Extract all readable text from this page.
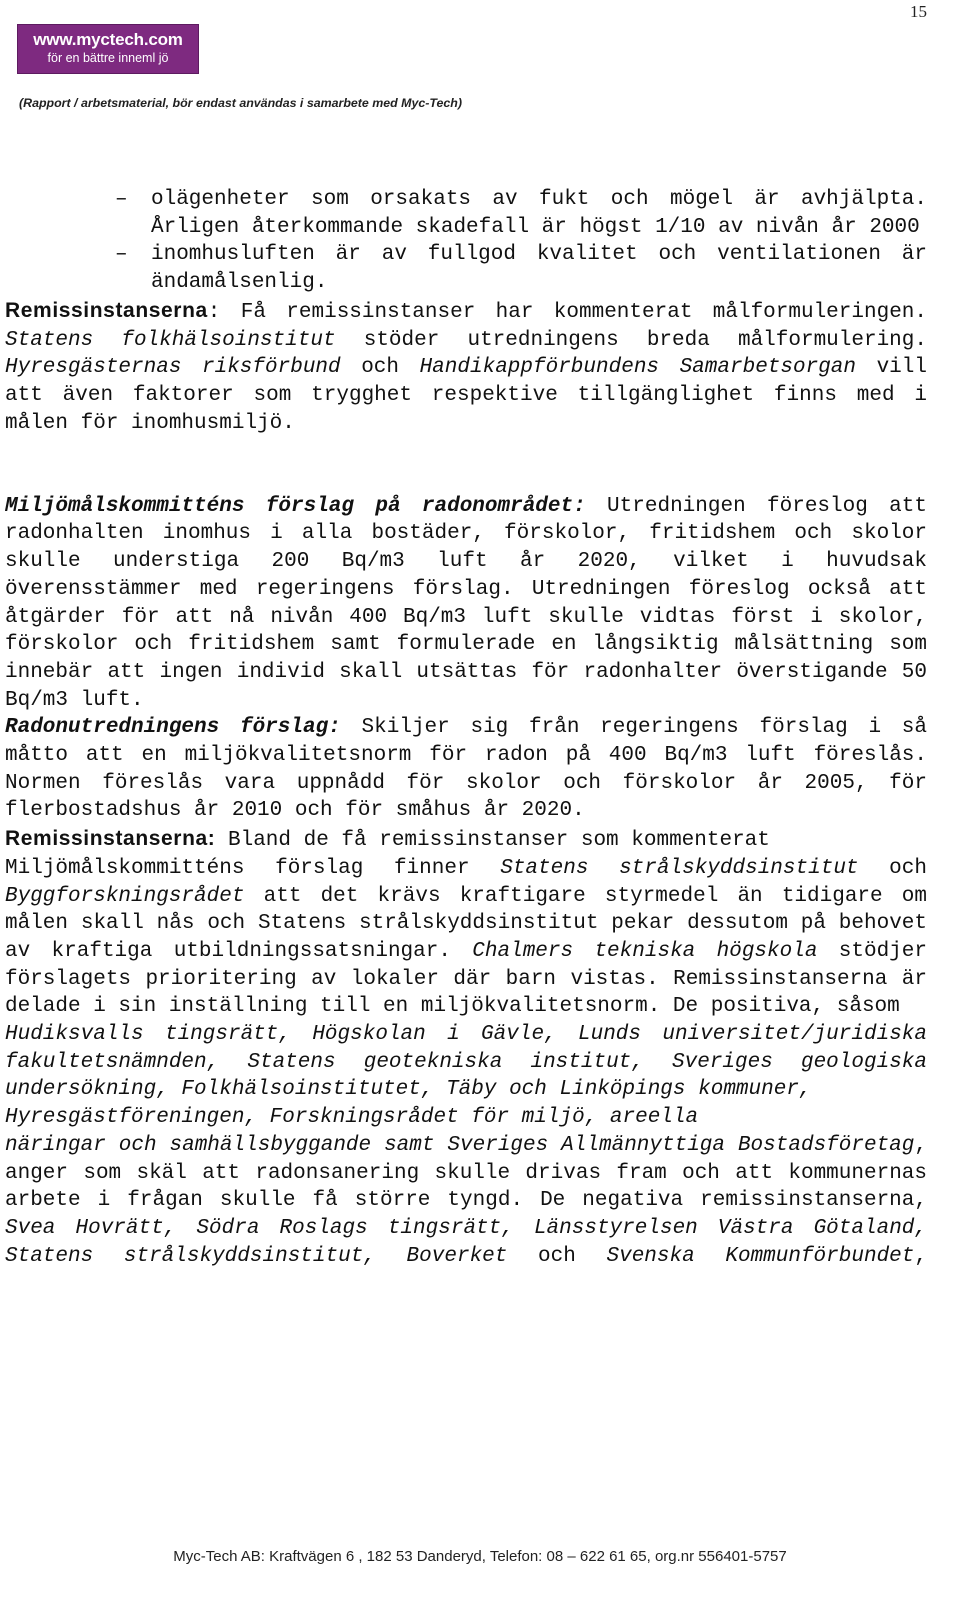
15
www.myctech.com
för en bättre inneml jö
(Rapport / arbetsmaterial, bör endast användas i samarbete med Myc-Tech)
– olägenheter som orsakats av fukt och mögel är avhjälpta. Årligen återkommande skadefall är högst 1/10 av nivån år 2000
– inomhusluften är av fullgod kvalitet och ventilationen är ändamålsenlig.

Remissinstanserna: Få remissinstanser har kommenterat målformuleringen. Statens folkhälsoinstitut stöder utredningens breda målformulering. Hyresgästernas riksförbund och Handikappförbundens Samarbetsorgan vill att även faktorer som trygghet respektive tillgänglighet finns med i målen för inomhusmiljö.

Miljömålskommitténs förslag på radonområdet: Utredningen föreslog att radonhalten inomhus i alla bostäder, förskolor, fritidshem och skolor skulle understiga 200 Bq/m3 luft år 2020, vilket i huvudsak överensstämmer med regeringens förslag. Utredningen föreslog också att åtgärder för att nå nivån 400 Bq/m3 luft skulle vidtas först i skolor, förskolor och fritidshem samt formulerade en långsiktig målsättning som innebär att ingen individ skall utsättas för radonhalter överstigande 50 Bq/m3 luft.

Radonutredningens förslag: Skiljer sig från regeringens förslag i så måtto att en miljökvalitetsnorm för radon på 400 Bq/m3 luft föreslås. Normen föreslås vara uppnådd för skolor och förskolor år 2005, för flerbostadshus år 2010 och för småhus år 2020.

Remissinstanserna: Bland de få remissinstanser som kommenterat

Miljömålskommitténs förslag finner Statens strålskyddsinstitut och Byggforskningsrådet att det krävs kraftigare styrmedel än tidigare om målen skall nås och Statens strålskyddsinstitut pekar dessutom på behovet av kraftiga utbildningssatsningar. Chalmers tekniska högskola stödjer förslagets prioritering av lokaler där barn vistas. Remissinstanserna är delade i sin inställning till en miljökvalitetsnorm. De positiva, såsom

Hudiksvalls tingsrätt, Högskolan i Gävle, Lunds universitet/juridiska fakultetsnämnden, Statens geotekniska institut, Sveriges geologiska undersökning, Folkhälsoinstitutet, Täby och Linköpings kommuner,

Hyresgästföreningen, Forskningsrådet för miljö, areella

näringar och samhällsbyggande samt Sveriges Allmännyttiga Bostadsföretag, anger som skäl att radonsanering skulle drivas fram och att kommunernas arbete i frågan skulle få större tyngd. De negativa remissinstanserna, Svea Hovrätt, Södra Roslags tingsrätt, Länsstyrelsen Västra Götaland, Statens strålskyddsinstitut, Boverket och Svenska Kommunförbundet,

Myc-Tech AB: Kraftvägen 6 , 182 53 Danderyd, Telefon: 08 – 622 61 65, org.nr 556401-5757
